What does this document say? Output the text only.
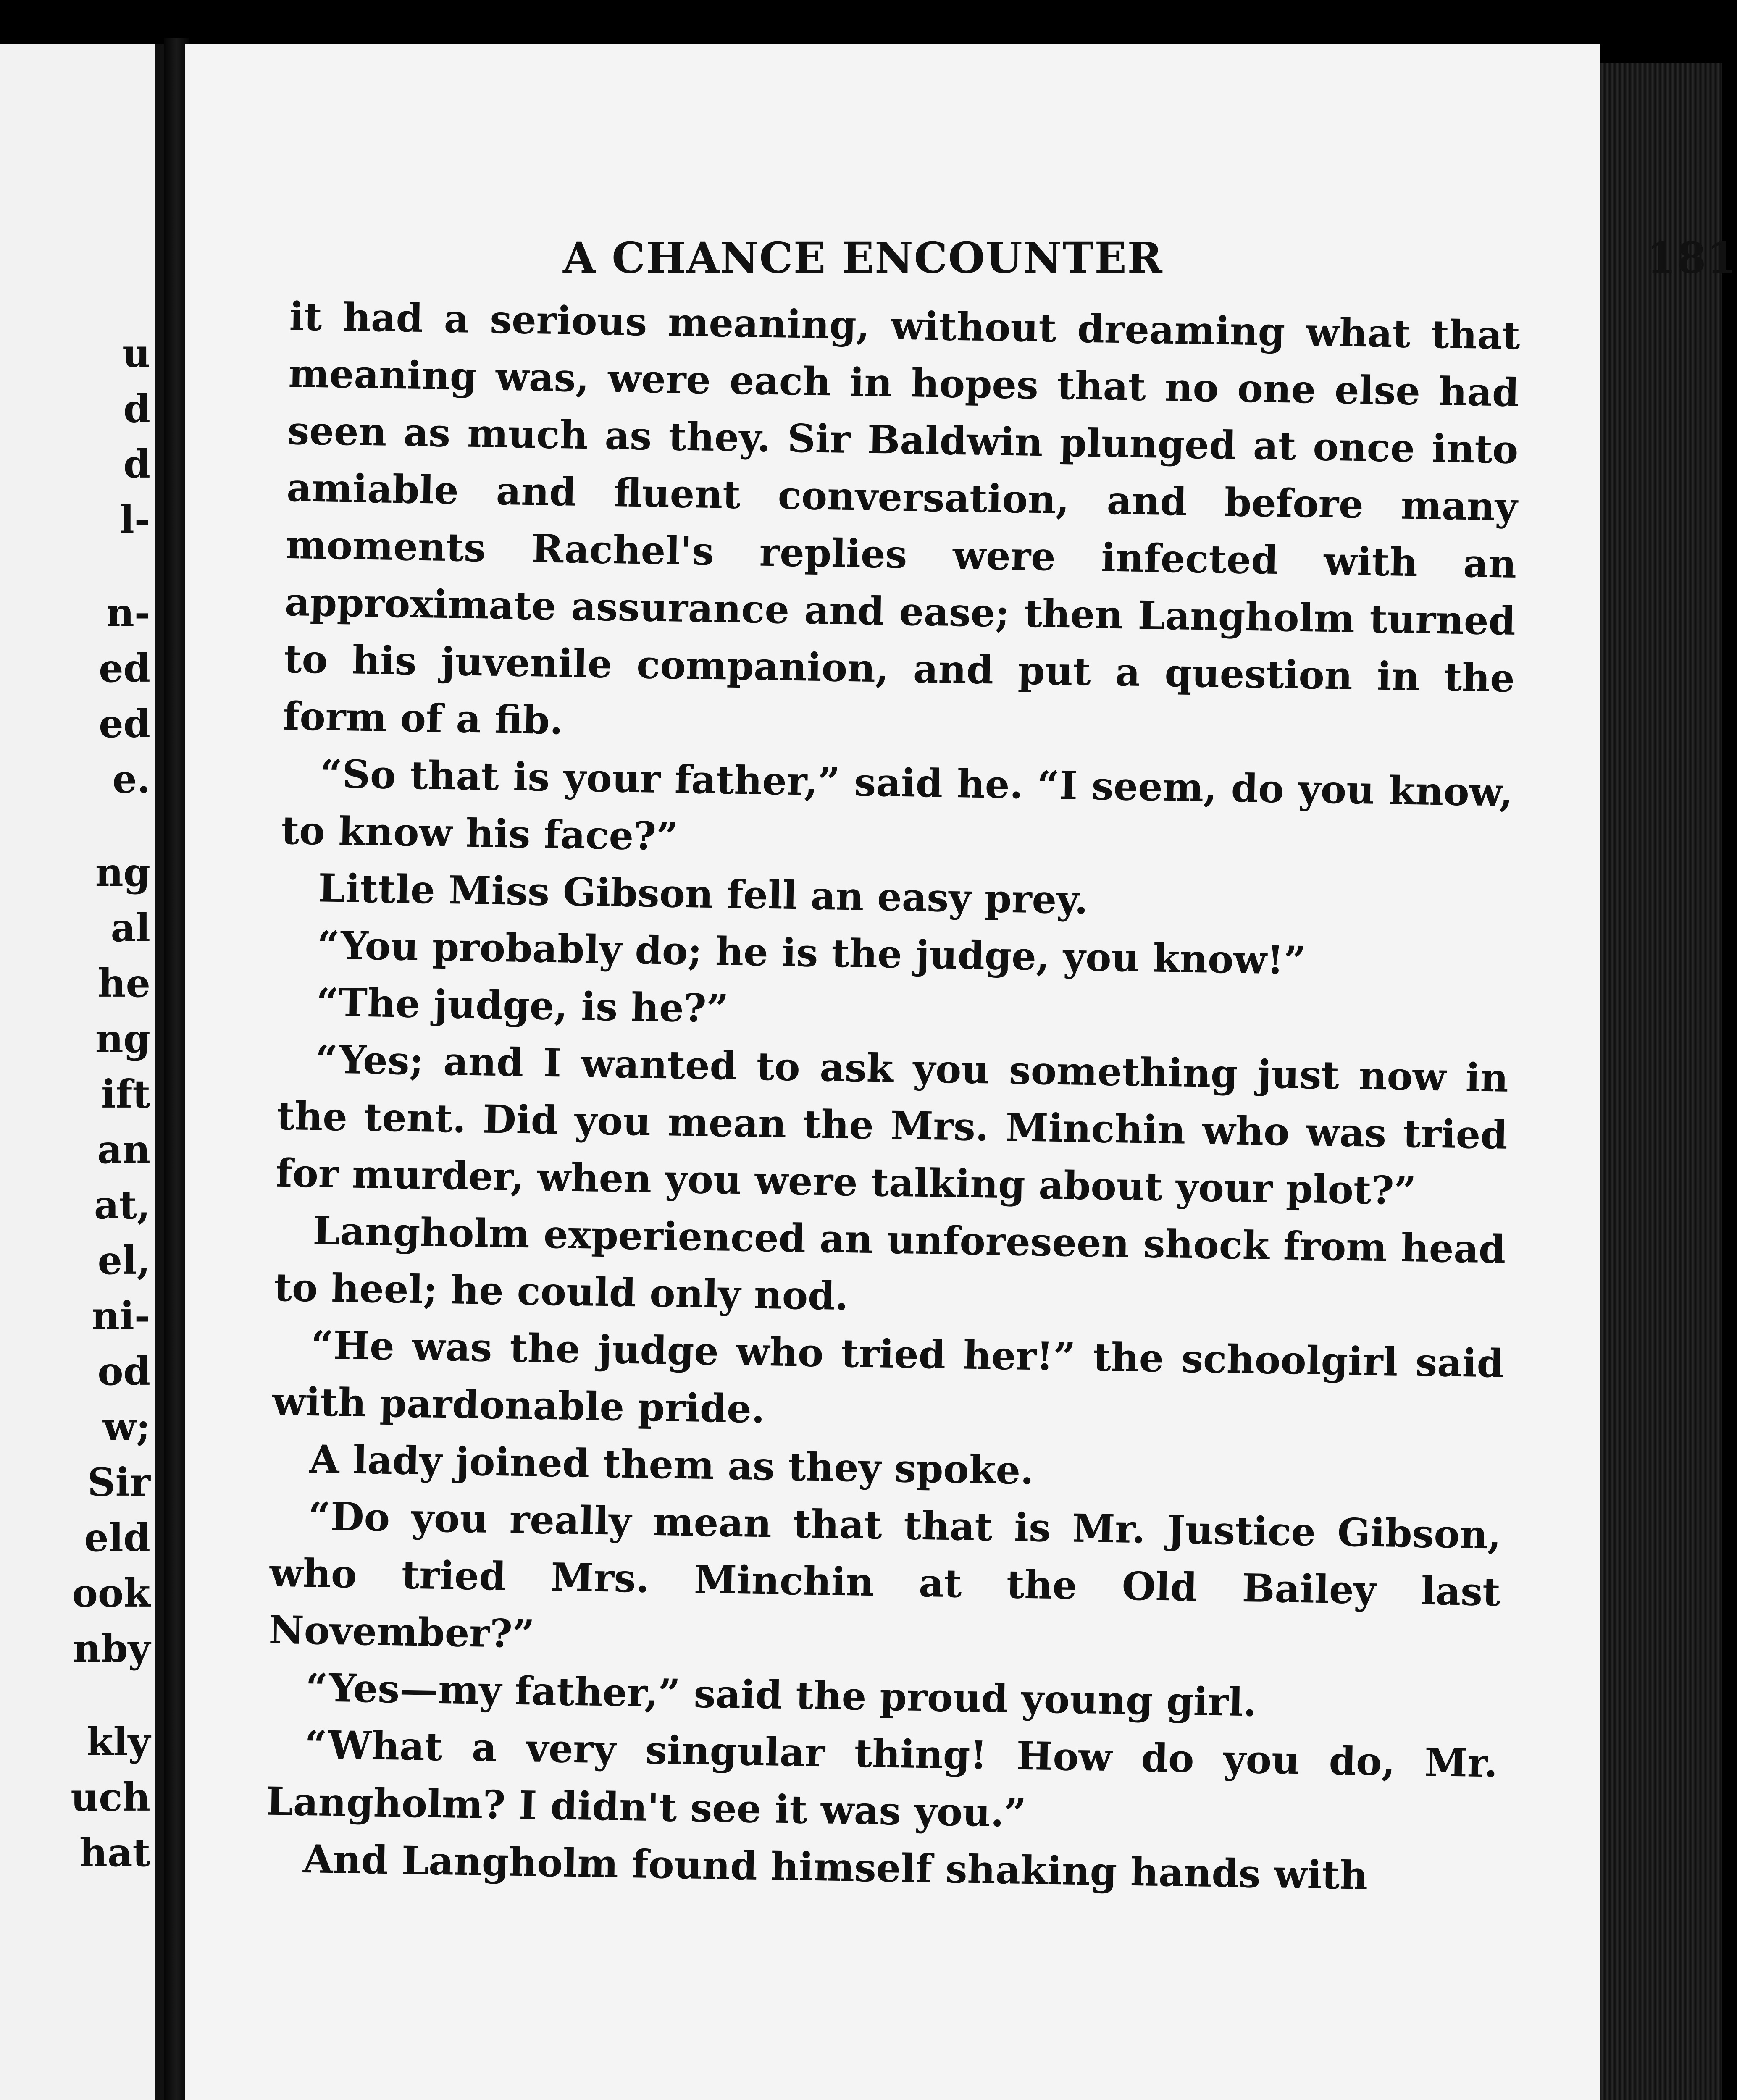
u
d
d
l-
n-
ed
ed
e.
ng
al
he
ng
ift
an
at,
el,
ni-
od
w;
Sir
eld
ook
nby
kly
uch
hat
A CHANCE ENCOUNTER	181

it had a serious meaning, without dreaming what that meaning was, were each in hopes that no one else had seen as much as they. Sir Baldwin plunged at once into amiable and fluent conversation, and before many moments Rachel's replies were infected with an approximate assurance and ease; then Langholm turned to his juvenile companion, and put a question in the form of a fib.

“So that is your father,” said he. “I seem, do you know, to know his face?”

Little Miss Gibson fell an easy prey.

“You probably do; he is the judge, you know!”

“The judge, is he?”

“Yes; and I wanted to ask you something just now in the tent. Did you mean the Mrs. Minchin who was tried for murder, when you were talking about your plot?”

Langholm experienced an unforeseen shock from head to heel; he could only nod.

“He was the judge who tried her!” the schoolgirl said with pardonable pride.

A lady joined them as they spoke.

“Do you really mean that that is Mr. Justice Gibson, who tried Mrs. Minchin at the Old Bailey last November?”

“Yes—my father,” said the proud young girl.

“What a very singular thing! How do you do, Mr. Langholm? I didn't see it was you.”

And Langholm found himself shaking hands with
